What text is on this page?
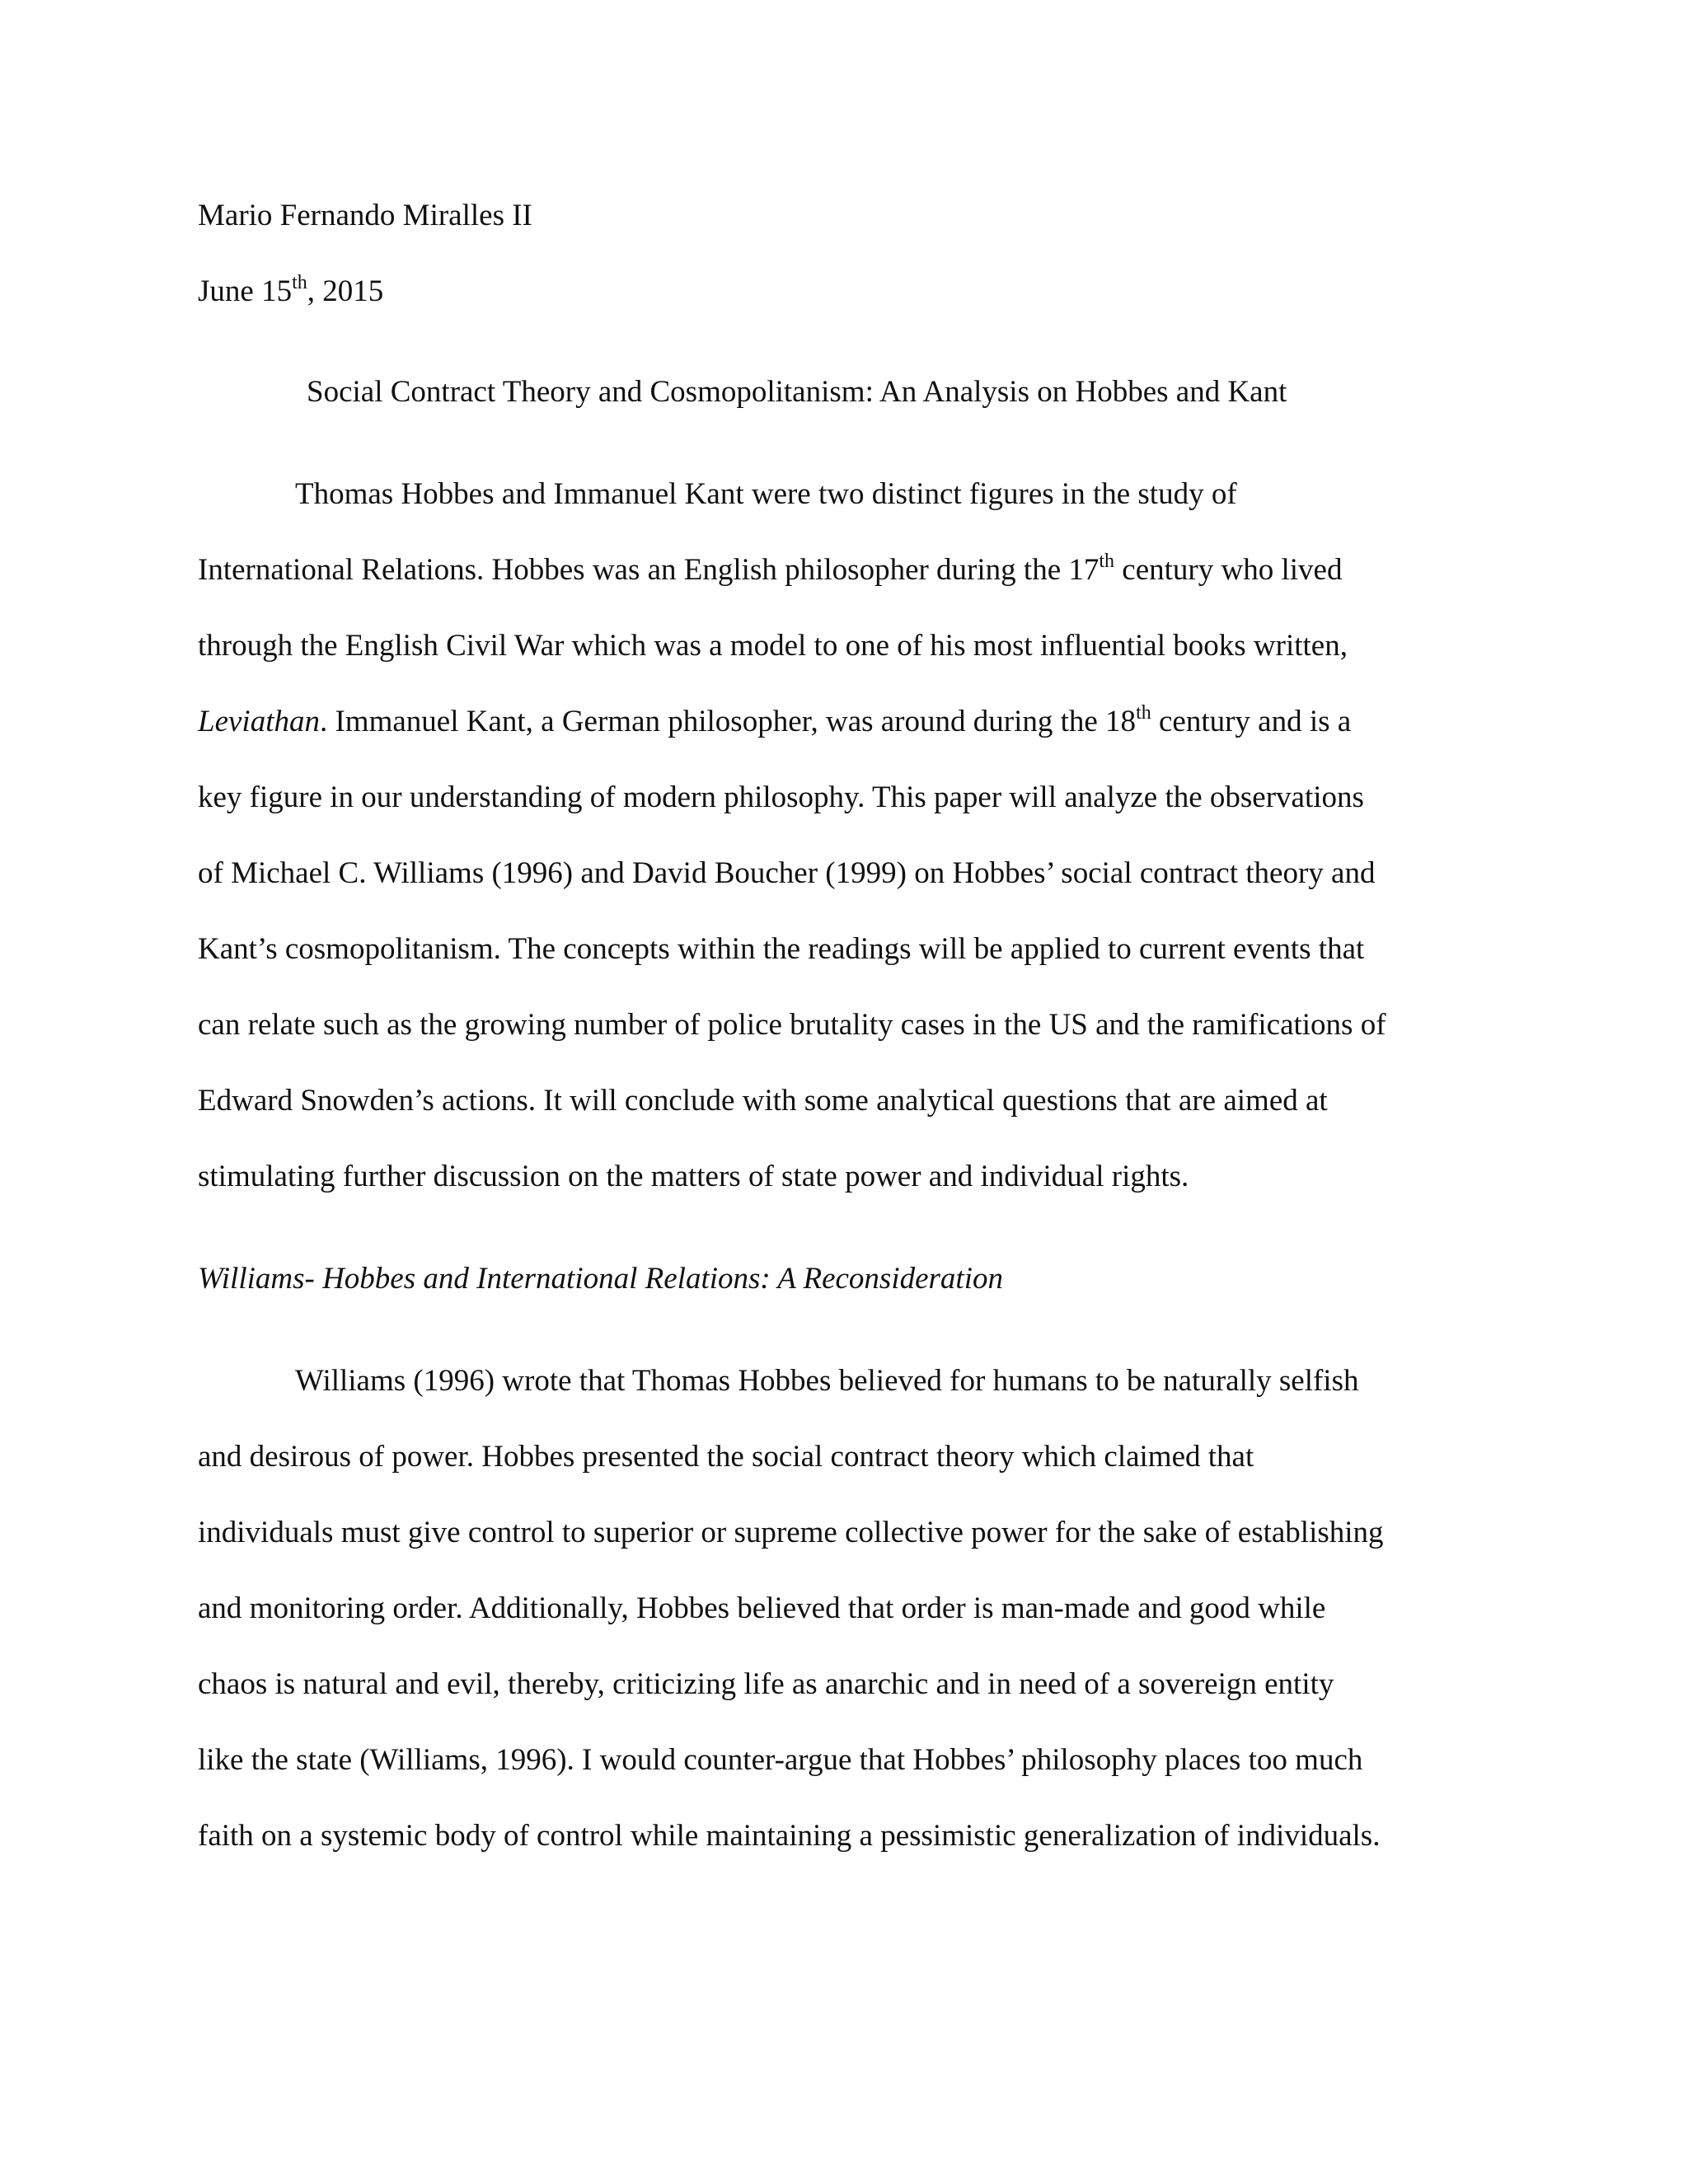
Mario Fernando Miralles II
June 15th, 2015
Social Contract Theory and Cosmopolitanism: An Analysis on Hobbes and Kant
Thomas Hobbes and Immanuel Kant were two distinct figures in the study of
International Relations. Hobbes was an English philosopher during the 17th century who lived
through the English Civil War which was a model to one of his most influential books written,
Leviathan. Immanuel Kant, a German philosopher, was around during the 18th century and is a
key figure in our understanding of modern philosophy. This paper will analyze the observations
of Michael C. Williams (1996) and David Boucher (1999) on Hobbes’ social contract theory and
Kant’s cosmopolitanism. The concepts within the readings will be applied to current events that
can relate such as the growing number of police brutality cases in the US and the ramifications of
Edward Snowden’s actions. It will conclude with some analytical questions that are aimed at
stimulating further discussion on the matters of state power and individual rights.
Williams- Hobbes and International Relations: A Reconsideration
Williams (1996) wrote that Thomas Hobbes believed for humans to be naturally selfish
and desirous of power. Hobbes presented the social contract theory which claimed that
individuals must give control to superior or supreme collective power for the sake of establishing
and monitoring order. Additionally, Hobbes believed that order is man-made and good while
chaos is natural and evil, thereby, criticizing life as anarchic and in need of a sovereign entity
like the state (Williams, 1996). I would counter-argue that Hobbes’ philosophy places too much
faith on a systemic body of control while maintaining a pessimistic generalization of individuals.
